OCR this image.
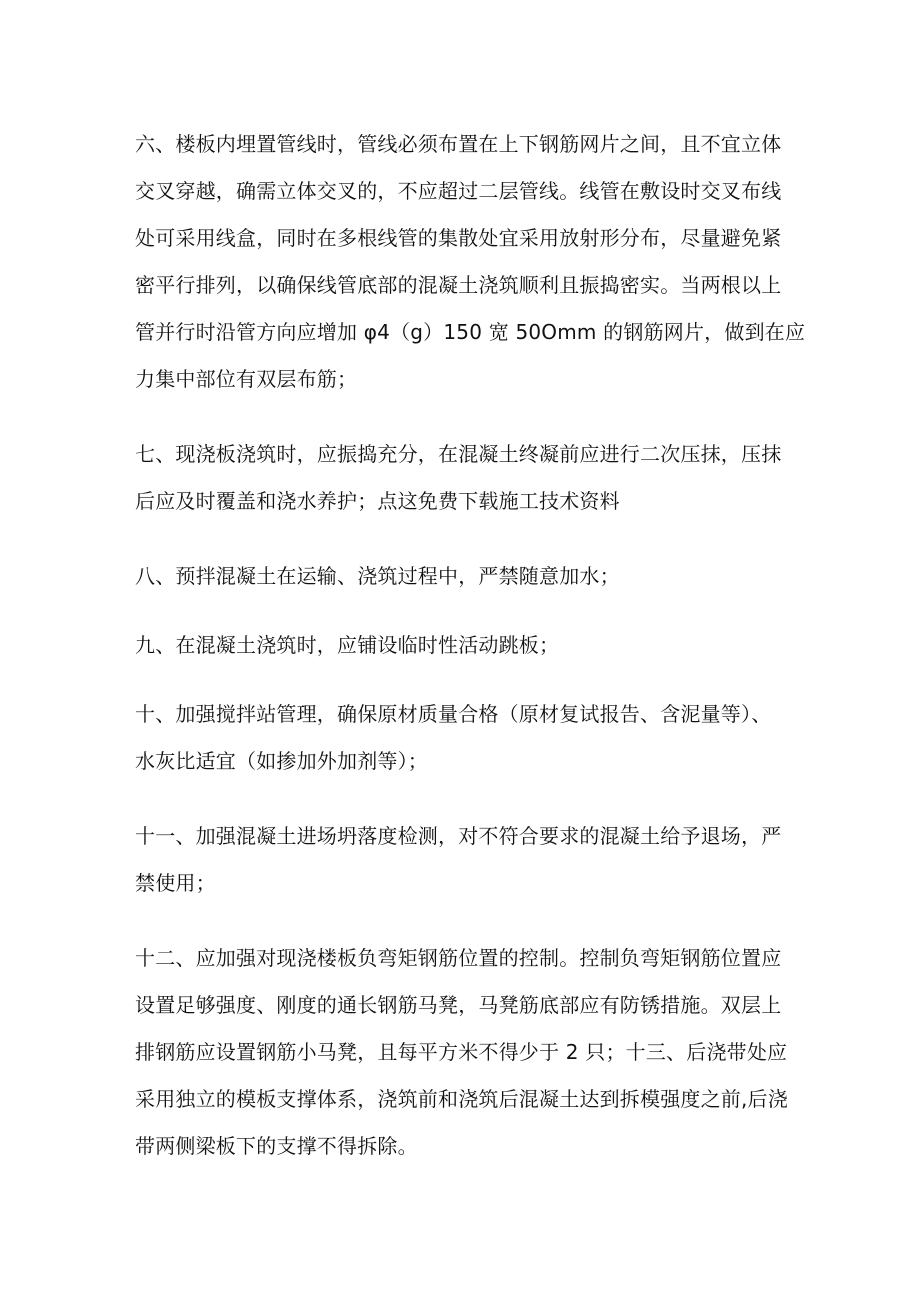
六、楼板内埋置管线时，管线必须布置在上下钢筋网片之间，且不宜立体

交叉穿越，确需立体交叉的，不应超过二层管线。线管在敷设时交叉布线

处可采用线盒，同时在多根线管的集散处宜采用放射形分布，尽量避免紧

密平行排列，以确保线管底部的混凝土浇筑顺利且振捣密实。当两根以上

管并行时沿管方向应增加 φ4（g）150 宽 50Omm 的钢筋网片，做到在应

力集中部位有双层布筋；

七、现浇板浇筑时，应振捣充分，在混凝土终凝前应进行二次压抹，压抹

后应及时覆盖和浇水养护；点这免费下载施工技术资料

八、预拌混凝土在运输、浇筑过程中，严禁随意加水；

九、在混凝土浇筑时，应铺设临时性活动跳板；

十、加强搅拌站管理，确保原材质量合格（原材复试报告、含泥量等）、

水灰比适宜（如掺加外加剂等）；

十一、加强混凝土进场坍落度检测，对不符合要求的混凝土给予退场，严

禁使用；

十二、应加强对现浇楼板负弯矩钢筋位置的控制。控制负弯矩钢筋位置应

设置足够强度、刚度的通长钢筋马凳，马凳筋底部应有防锈措施。双层上

排钢筋应设置钢筋小马凳，且每平方米不得少于 2 只；十三、后浇带处应

采用独立的模板支撑体系，浇筑前和浇筑后混凝土达到拆模强度之前,后浇

带两侧梁板下的支撑不得拆除。
